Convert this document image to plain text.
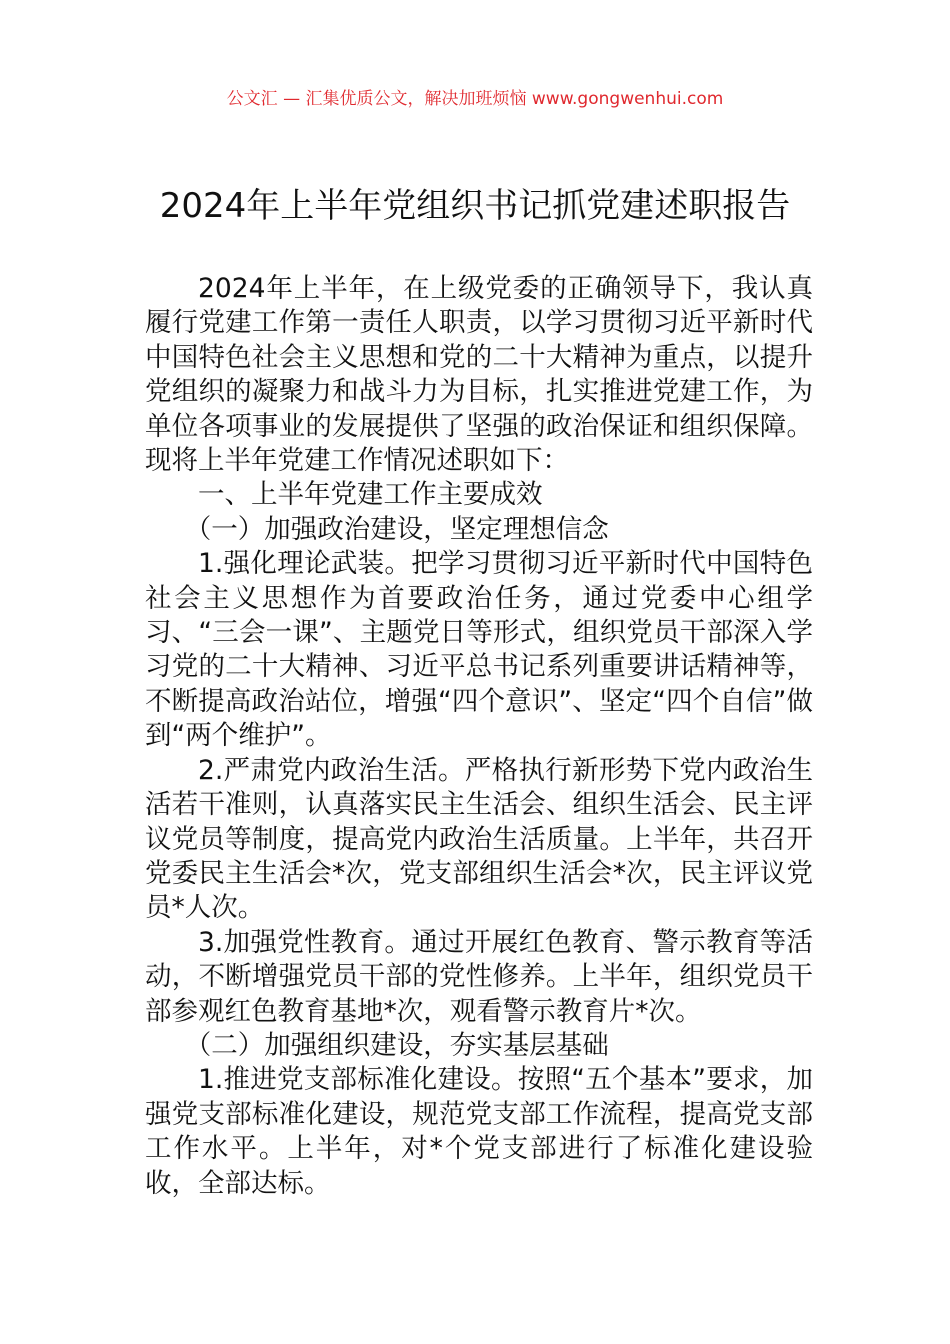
公文汇 — 汇集优质公文，解决加班烦恼 www.gongwenhui.com
2024年上半年党组织书记抓党建述职报告

2024年上半年，在上级党委的正确领导下，我认真履行党建工作第一责任人职责，以学习贯彻习近平新时代中国特色社会主义思想和党的二十大精神为重点，以提升党组织的凝聚力和战斗力为目标，扎实推进党建工作，为单位各项事业的发展提供了坚强的政治保证和组织保障。现将上半年党建工作情况述职如下：

一、上半年党建工作主要成效

（一）加强政治建设，坚定理想信念

1.强化理论武装。把学习贯彻习近平新时代中国特色社会主义思想作为首要政治任务，通过党委中心组学习、“三会一课”、主题党日等形式，组织党员干部深入学习党的二十大精神、习近平总书记系列重要讲话精神等，不断提高政治站位，增强“四个意识”、坚定“四个自信”做到“两个维护”。

2.严肃党内政治生活。严格执行新形势下党内政治生活若干准则，认真落实民主生活会、组织生活会、民主评议党员等制度，提高党内政治生活质量。上半年，共召开党委民主生活会*次，党支部组织生活会*次，民主评议党员*人次。

3.加强党性教育。通过开展红色教育、警示教育等活动，不断增强党员干部的党性修养。上半年，组织党员干部参观红色教育基地*次，观看警示教育片*次。

（二）加强组织建设，夯实基层基础

1.推进党支部标准化建设。按照“五个基本”要求，加强党支部标准化建设，规范党支部工作流程，提高党支部工作水平。上半年，对*个党支部进行了标准化建设验收，全部达标。
